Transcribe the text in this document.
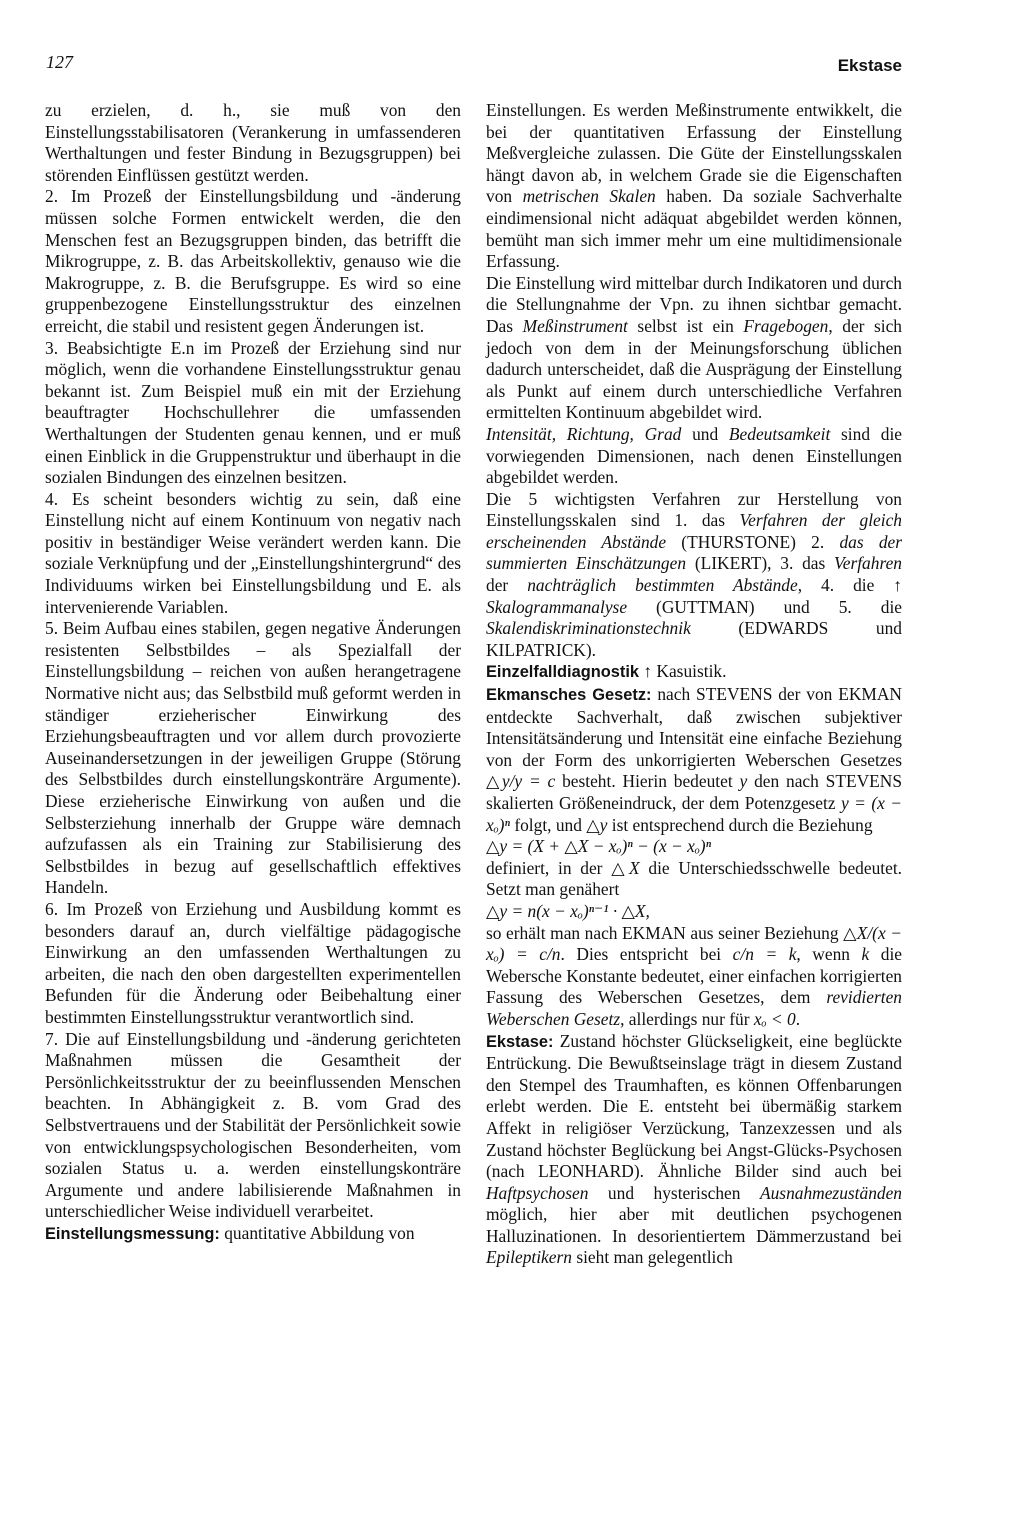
127	Ekstase

zu erzielen, d. h., sie muß von den Einstellungsstabilisatoren (Verankerung in umfassenderen Werthaltungen und fester Bindung in Bezugsgruppen) bei störenden Einflüssen gestützt werden.

2. Im Prozeß der Einstellungsbildung und -änderung müssen solche Formen entwickelt werden, die den Menschen fest an Bezugsgruppen binden, das betrifft die Mikrogruppe, z. B. das Arbeitskollektiv, genauso wie die Makrogruppe, z. B. die Berufsgruppe. Es wird so eine gruppenbezogene Einstellungsstruktur des einzelnen erreicht, die stabil und resistent gegen Änderungen ist.

3. Beabsichtigte E.n im Prozeß der Erziehung sind nur möglich, wenn die vorhandene Einstellungsstruktur genau bekannt ist. Zum Beispiel muß ein mit der Erziehung beauftragter Hochschullehrer die umfassenden Werthaltungen der Studenten genau kennen, und er muß einen Einblick in die Gruppenstruktur und überhaupt in die sozialen Bindungen des einzelnen besitzen.

4. Es scheint besonders wichtig zu sein, daß eine Einstellung nicht auf einem Kontinuum von negativ nach positiv in beständiger Weise verändert werden kann. Die soziale Verknüpfung und der „Einstellungshintergrund“ des Individuums wirken bei Einstellungsbildung und E. als intervenierende Variablen.

5. Beim Aufbau eines stabilen, gegen negative Änderungen resistenten Selbstbildes – als Spezialfall der Einstellungsbildung – reichen von außen herangetragene Normative nicht aus; das Selbstbild muß geformt werden in ständiger erzieherischer Einwirkung des Erziehungsbeauftragten und vor allem durch provozierte Auseinandersetzungen in der jeweiligen Gruppe (Störung des Selbstbildes durch einstellungskonträre Argumente). Diese erzieherische Einwirkung von außen und die Selbsterziehung innerhalb der Gruppe wäre demnach aufzufassen als ein Training zur Stabilisierung des Selbstbildes in bezug auf gesellschaftlich effektives Handeln.

6. Im Prozeß von Erziehung und Ausbildung kommt es besonders darauf an, durch vielfältige pädagogische Einwirkung an den umfassenden Werthaltungen zu arbeiten, die nach den oben dargestellten experimentellen Befunden für die Änderung oder Beibehaltung einer bestimmten Einstellungsstruktur verantwortlich sind.

7. Die auf Einstellungsbildung und -änderung gerichteten Maßnahmen müssen die Gesamtheit der Persönlichkeitsstruktur der zu beeinflussenden Menschen beachten. In Abhängigkeit z. B. vom Grad des Selbstvertrauens und der Stabilität der Persönlichkeit sowie von entwicklungspsychologischen Besonderheiten, vom sozialen Status u. a. werden einstellungskonträre Argumente und andere labilisierende Maßnahmen in unterschiedlicher Weise individuell verarbeitet.

Einstellungsmessung: quantitative Abbildung von

Einstellungen. Es werden Meßinstrumente entwikkelt, die bei der quantitativen Erfassung der Einstellung Meßvergleiche zulassen. Die Güte der Einstellungsskalen hängt davon ab, in welchem Grade sie die Eigenschaften von metrischen Skalen haben. Da soziale Sachverhalte eindimensional nicht adäquat abgebildet werden können, bemüht man sich immer mehr um eine multidimensionale Erfassung.

Die Einstellung wird mittelbar durch Indikatoren und durch die Stellungnahme der Vpn. zu ihnen sichtbar gemacht. Das Meßinstrument selbst ist ein Fragebogen, der sich jedoch von dem in der Meinungsforschung üblichen dadurch unterscheidet, daß die Ausprägung der Einstellung als Punkt auf einem durch unterschiedliche Verfahren ermittelten Kontinuum abgebildet wird.

Intensität, Richtung, Grad und Bedeutsamkeit sind die vorwiegenden Dimensionen, nach denen Einstellungen abgebildet werden.

Die 5 wichtigsten Verfahren zur Herstellung von Einstellungsskalen sind 1. das Verfahren der gleich erscheinenden Abstände (THURSTONE) 2. das der summierten Einschätzungen (LIKERT), 3. das Verfahren der nachträglich bestimmten Abstände, 4. die ↑ Skalogrammanalyse (GUTTMAN) und 5. die Skalendiskriminationstechnik (EDWARDS und KILPATRICK).

Einzelfalldiagnostik ↑ Kasuistik.

Ekmansches Gesetz: nach STEVENS der von EKMAN entdeckte Sachverhalt, daß zwischen subjektiver Intensitätsänderung und Intensität eine einfache Beziehung von der Form des unkorrigierten Weberschen Gesetzes △y/y = c besteht. Hierin bedeutet y den nach STEVENS skalierten Größeneindruck, der dem Potenzgesetz y = (x − xₒ)ⁿ folgt, und △y ist entsprechend durch die Beziehung

△y = (X + △X − xₒ)ⁿ − (x − xₒ)ⁿ

definiert, in der △X die Unterschiedsschwelle bedeutet. Setzt man genähert

△y = n(x − xₒ)ⁿ⁻¹ · △X,

so erhält man nach EKMAN aus seiner Beziehung △X/(x − xₒ) = c/n. Dies entspricht bei c/n = k, wenn k die Webersche Konstante bedeutet, einer einfachen korrigierten Fassung des Weberschen Gesetzes, dem revidierten Weberschen Gesetz, allerdings nur für xₒ < 0.

Ekstase: Zustand höchster Glückseligkeit, eine beglückte Entrückung. Die Bewußtseinslage trägt in diesem Zustand den Stempel des Traumhaften, es können Offenbarungen erlebt werden. Die E. entsteht bei übermäßig starkem Affekt in religiöser Verzückung, Tanzexzessen und als Zustand höchster Beglückung bei Angst-Glücks-Psychosen (nach LEONHARD). Ähnliche Bilder sind auch bei Haftpsychosen und hysterischen Ausnahmezuständen möglich, hier aber mit deutlichen psychogenen Halluzinationen. In desorientiertem Dämmerzustand bei Epileptikern sieht man gelegentlich
